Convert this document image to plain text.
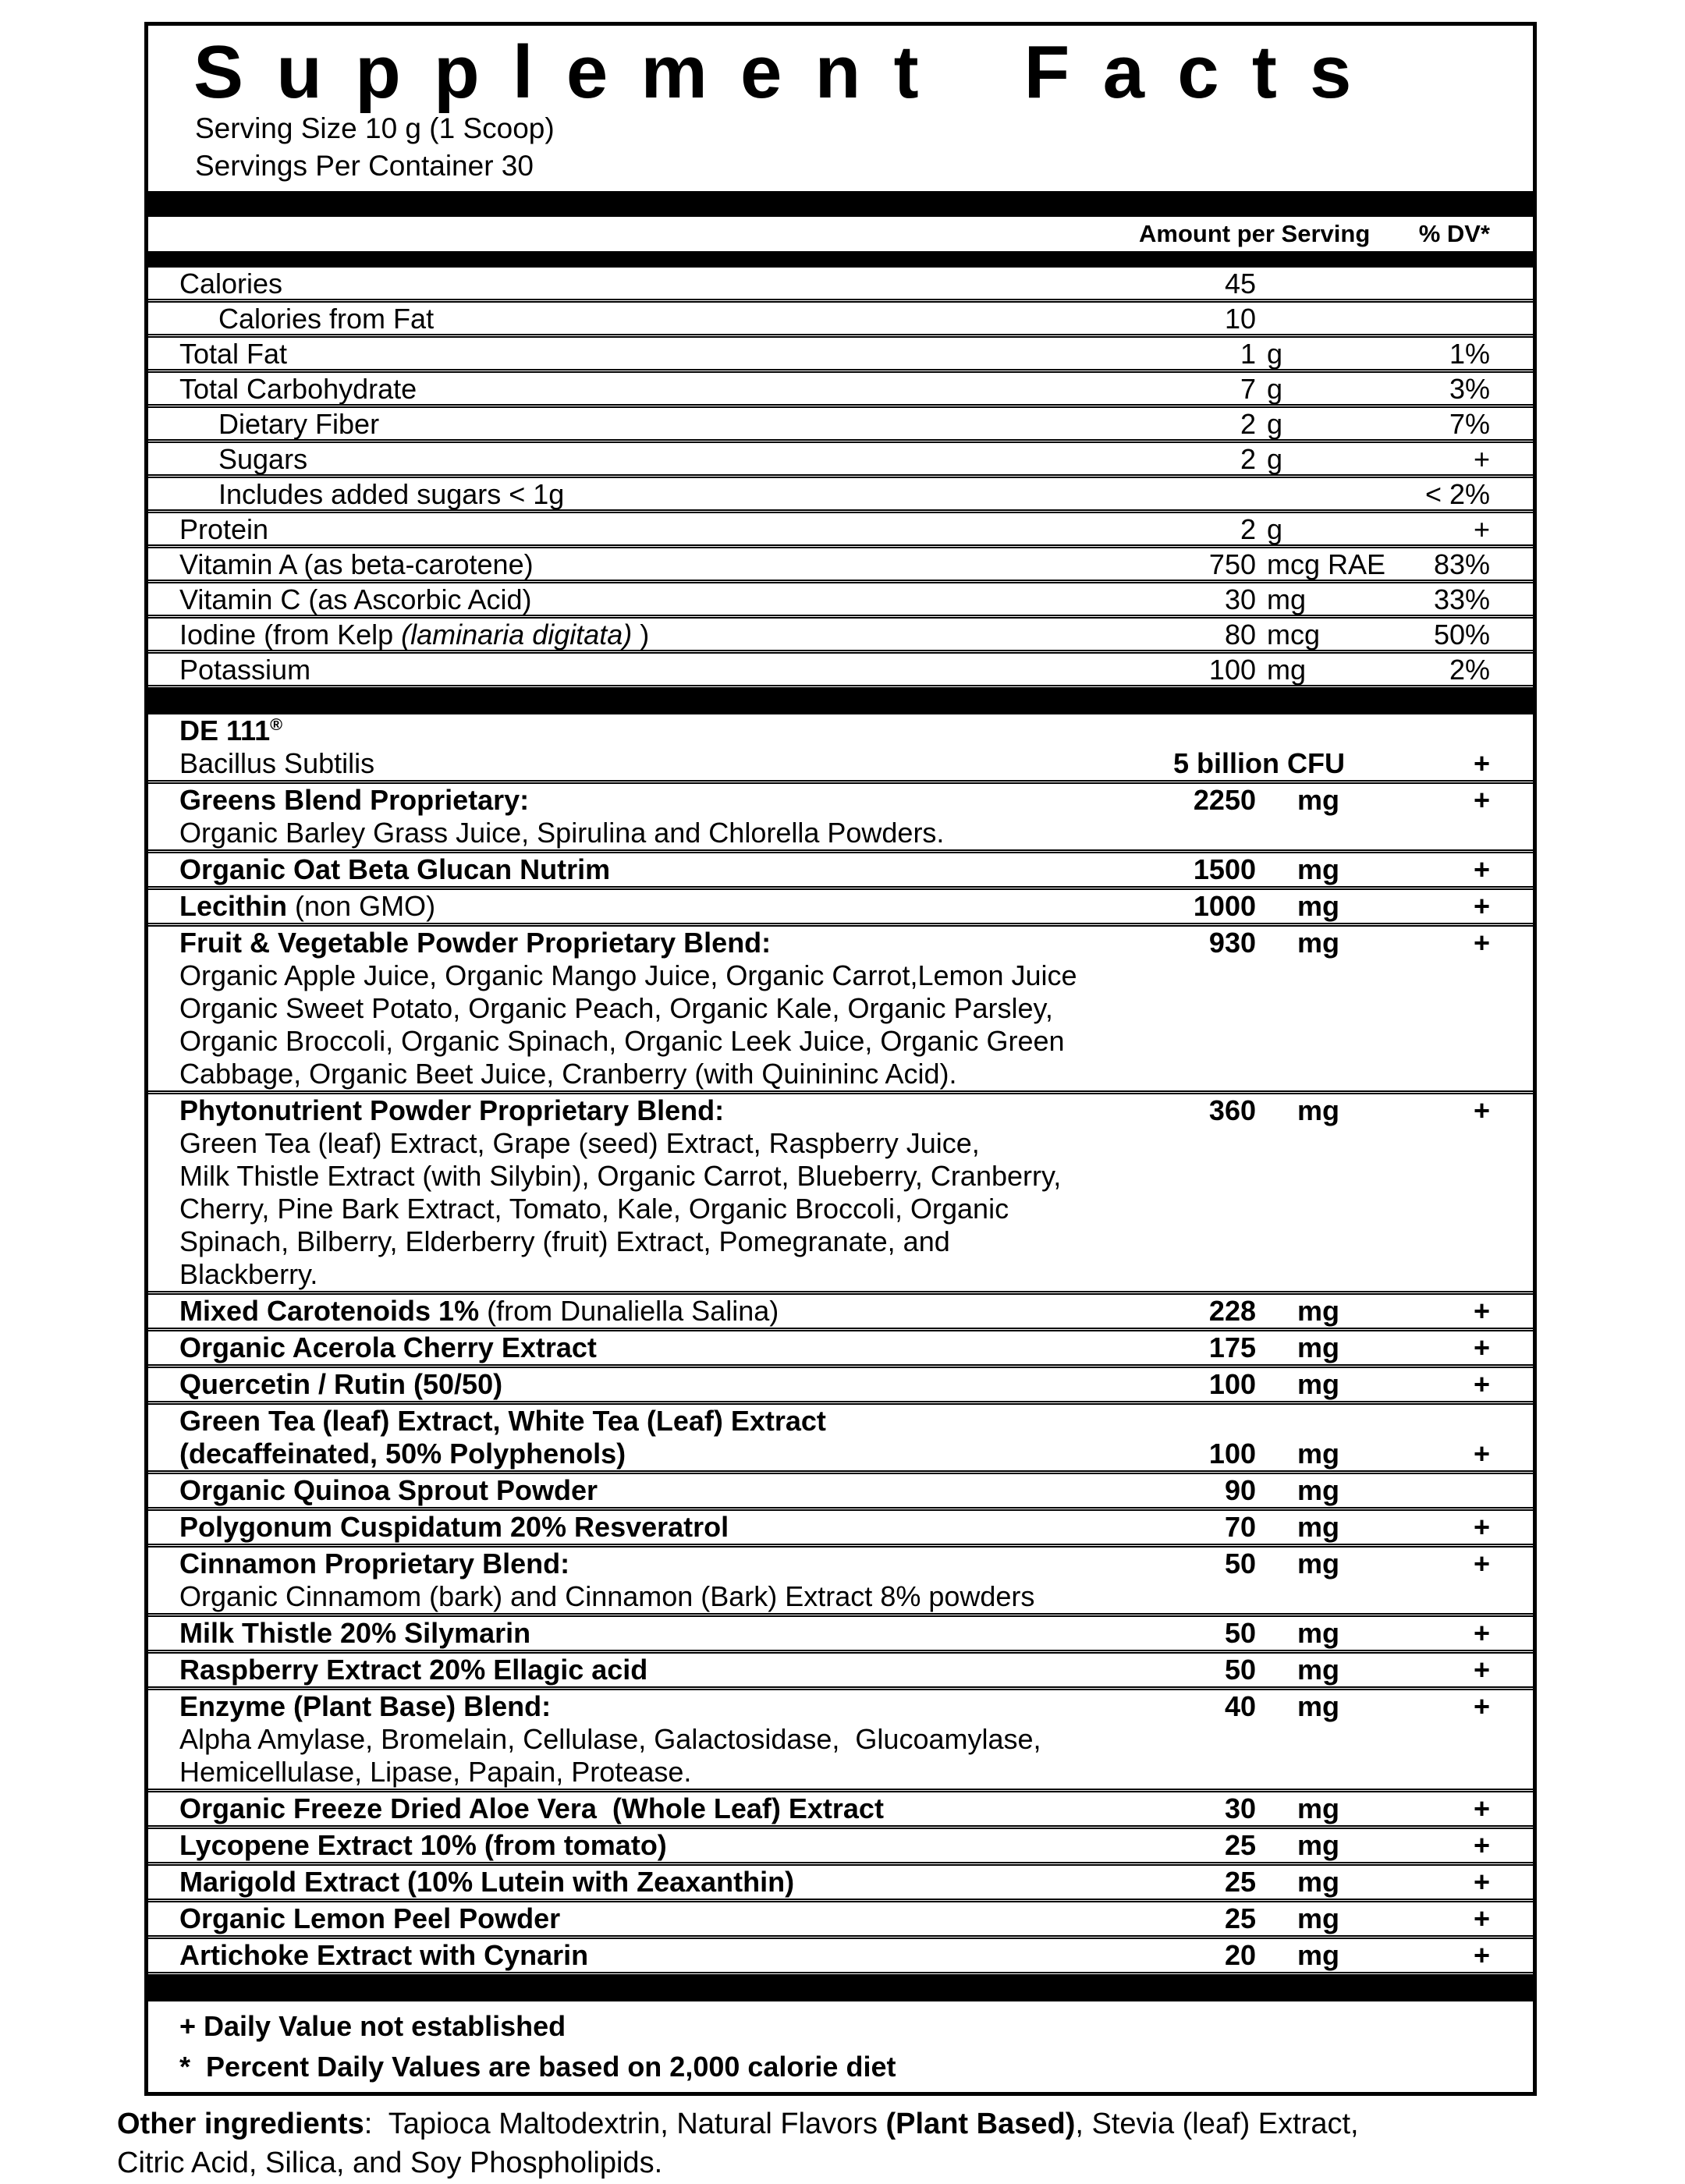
Supplement Facts
Serving Size 10 g (1 Scoop)
Servings Per Container 30
Amount per Serving	% DV*
Calories	45
Calories from Fat	10
Total Fat	1 g	1%
Total Carbohydrate	7 g	3%
Dietary Fiber	2 g	7%
Sugars	2 g	+
Includes added sugars < 1g	< 2%
Protein	2 g	+
Vitamin A (as beta-carotene)	750 mcg RAE	83%
Vitamin C (as Ascorbic Acid)	30 mg	33%
Iodine (from Kelp (laminaria digitata) )	80 mcg	50%
Potassium	100 mg	2%
DE 111®
Bacillus Subtilis	5 billion CFU	+
Greens Blend Proprietary:	2250	mg	+
Organic Barley Grass Juice, Spirulina and Chlorella Powders.
Organic Oat Beta Glucan Nutrim	1500	mg	+
Lecithin (non GMO)	1000	mg	+
Fruit & Vegetable Powder Proprietary Blend:	930	mg	+
Organic Apple Juice, Organic Mango Juice, Organic Carrot,Lemon Juice
Organic Sweet Potato, Organic Peach, Organic Kale, Organic Parsley,
Organic Broccoli, Organic Spinach, Organic Leek Juice, Organic Green
Cabbage, Organic Beet Juice, Cranberry (with Quinininc Acid).
Phytonutrient Powder Proprietary Blend:	360	mg	+
Green Tea (leaf) Extract, Grape (seed) Extract, Raspberry Juice,
Milk Thistle Extract (with Silybin), Organic Carrot, Blueberry, Cranberry,
Cherry, Pine Bark Extract, Tomato, Kale, Organic Broccoli, Organic
Spinach, Bilberry, Elderberry (fruit) Extract, Pomegranate, and
Blackberry.
Mixed Carotenoids 1% (from Dunaliella Salina)	228	mg	+
Organic Acerola Cherry Extract	175	mg	+
Quercetin / Rutin (50/50)	100	mg	+
Green Tea (leaf) Extract, White Tea (Leaf) Extract
(decaffeinated, 50% Polyphenols)	100	mg	+
Organic Quinoa Sprout Powder	90	mg
Polygonum Cuspidatum 20% Resveratrol	70	mg	+
Cinnamon Proprietary Blend:	50	mg	+
Organic Cinnamom (bark) and Cinnamon (Bark) Extract 8% powders
Milk Thistle 20% Silymarin	50	mg	+
Raspberry Extract 20% Ellagic acid	50	mg	+
Enzyme (Plant Base) Blend:	40	mg	+
Alpha Amylase, Bromelain, Cellulase, Galactosidase,  Glucoamylase,
Hemicellulase, Lipase, Papain, Protease.
Organic Freeze Dried Aloe Vera  (Whole Leaf) Extract	30	mg	+
Lycopene Extract 10% (from tomato)	25	mg	+
Marigold Extract (10% Lutein with Zeaxanthin)	25	mg	+
Organic Lemon Peel Powder	25	mg	+
Artichoke Extract with Cynarin	20	mg	+
+ Daily Value not established
*  Percent Daily Values are based on 2,000 calorie diet
Other ingredients:  Tapioca Maltodextrin, Natural Flavors (Plant Based), Stevia (leaf) Extract,
Citric Acid, Silica, and Soy Phospholipids.
